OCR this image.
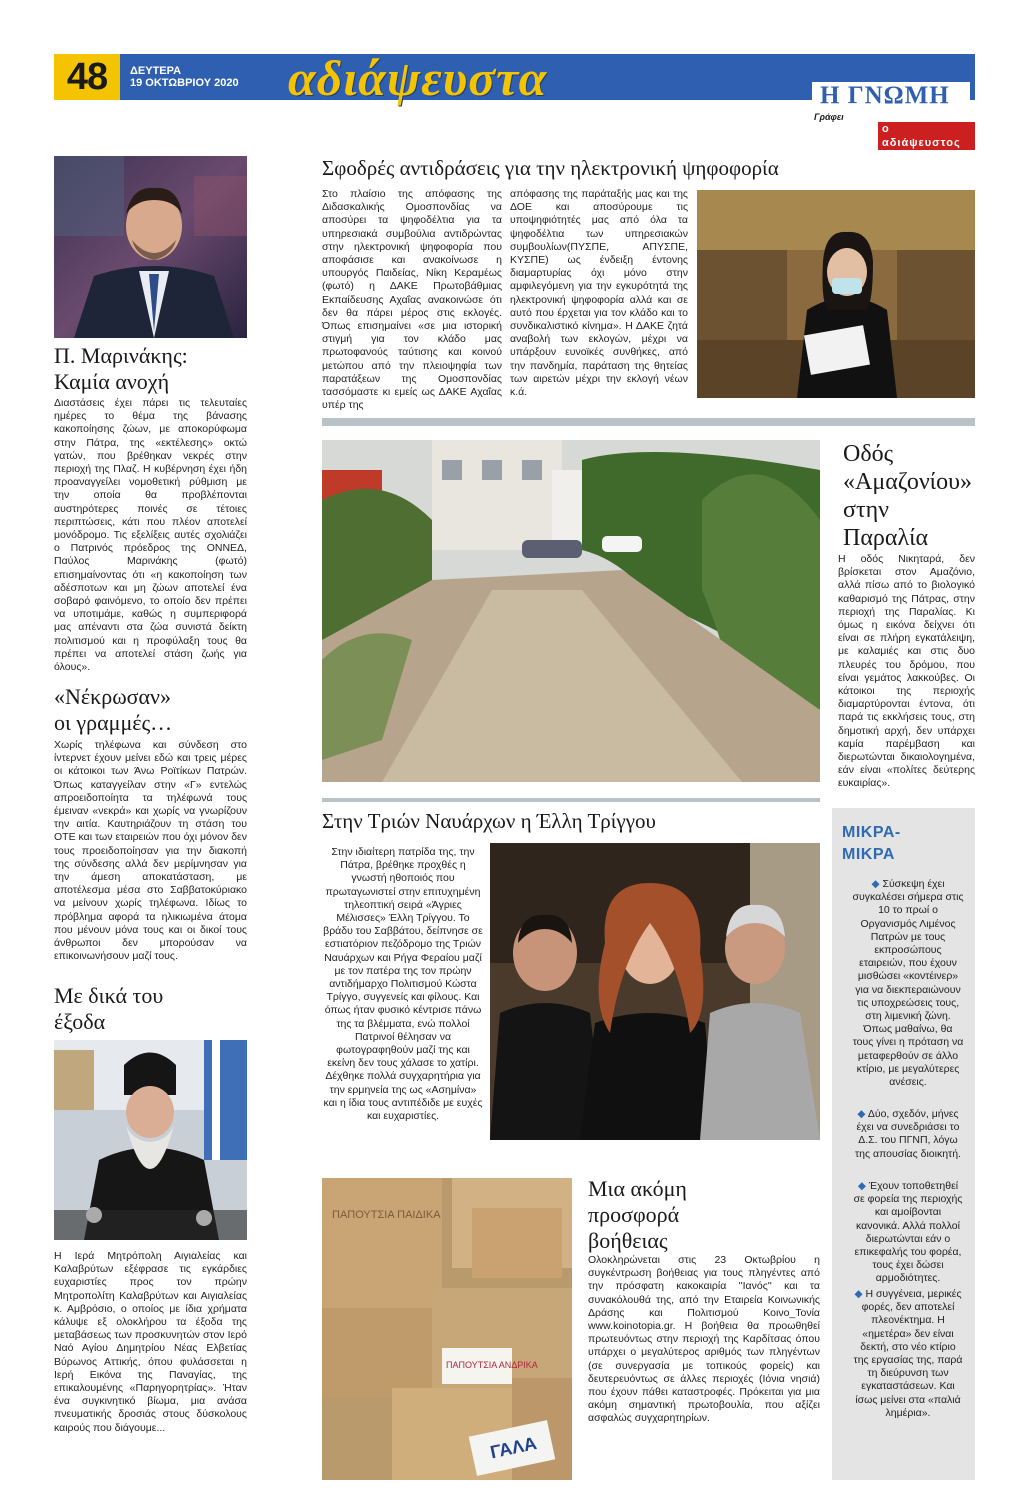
48	ΔΕΥΤΕΡΑ
19 ΟΚΤΩΒΡΙΟΥ 2020 αδιάψευστα	Η ΓΝΩΜΗ
Γράφει
ο αδιάψευστος
Π. Μαρινάκης:
Καμία ανοχή
Διαστάσεις έχει πάρει τις τελευταίες ημέρες το θέμα της βάνασης κακοποίησης ζώων, με αποκορύφωμα στην Πάτρα, της «εκτέλεσης» οκτώ γατών, που βρέθηκαν νεκρές στην περιοχή της Πλαζ. Η κυβέρνηση έχει ήδη προαναγγείλει νομοθετική ρύθμιση με την οποία θα προβλέπονται αυστηρότερες ποινές σε τέτοιες περιπτώσεις, κάτι που πλέον αποτελεί μονόδρομο. Τις εξελίξεις αυτές σχολιάζει ο Πατρινός πρόεδρος της ΟΝΝΕΔ, Παύλος Μαρινάκης (φωτό) επισημαίνοντας ότι «η κακοποίηση των αδέσποτων και μη ζώων αποτελεί ένα σοβαρό φαινόμενο, το οποίο δεν πρέπει να υποτιμάμε, καθώς η συμπεριφορά μας απέναντι στα ζώα συνιστά δείκτη πολιτισμού και η προφύλαξη τους θα πρέπει να αποτελεί στάση ζωής για όλους».
«Νέκρωσαν»
οι γραμμές…
Χωρίς τηλέφωνα και σύνδεση στο ίντερνετ έχουν μείνει εδώ και τρεις μέρες οι κάτοικοι των Άνω Ροϊτίκων Πατρών. Όπως καταγγείλαν στην «Γ» εντελώς απροειδοποίητα τα τηλέφωνά τους έμειναν «νεκρά» και χωρίς να γνωρίζουν την αιτία. Καυτηριάζουν τη στάση του ΟΤΕ και των εταιρειών που όχι μόνον δεν τους προειδοποίησαν για την διακοπή της σύνδεσης αλλά δεν μερίμνησαν για την άμεση αποκατάσταση, με αποτέλεσμα μέσα στο Σαββατοκύριακο να μείνουν χωρίς τηλέφωνα. Ιδίως το πρόβλημα αφορά τα ηλικιωμένα άτομα που μένουν μόνα τους και οι δικοί τους άνθρωποι δεν μπορούσαν να επικοινωνήσουν μαζί τους.
Με δικά του
έξοδα
Η Ιερά Μητρόπολη Αιγιαλείας και Καλαβρύτων εξέφρασε τις εγκάρδιες ευχαριστίες προς τον πρώην Μητροπολίτη Καλαβρύτων και Αιγιαλείας κ. Αμβρόσιο, ο οποίος με ίδια χρήματα κάλυψε εξ ολοκλήρου τα έξοδα της μεταβάσεως των προσκυνητών στον Ιερό Ναό Αγίου Δημητρίου Νέας Ελβετίας Βύρωνος Αττικής, όπου φυλάσσεται η Ιερή Εικόνα της Παναγίας, της επικαλουμένης «Παρηγορητρίας». Ήταν ένα συγκινητικό βίωμα, μια ανάσα πνευματικής δροσιάς στους δύσκολους καιρούς που διάγουμε...
Σφοδρές αντιδράσεις για την ηλεκτρονική ψηφοφορία
Στο πλαίσιο της απόφασης της Διδασκαλικής Ομοσπονδίας να αποσύρει τα ψηφοδέλτια για τα υπηρεσιακά συμβούλια αντιδρώντας στην ηλεκτρονική ψηφοφορία που αποφάσισε και ανακοίνωσε η υπουργός Παιδείας, Νίκη Κεραμέως (φωτό) η ΔΑΚΕ Πρωτοβάθμιας Εκπαίδευσης Αχαΐας ανακοινώσε ότι δεν θα πάρει μέρος στις εκλογές. Όπως επισημαίνει «σε μια ιστορική στιγμή για τον κλάδο μας πρωτοφανούς ταύτισης και κοινού μετώπου από την πλειοψηφία των παρατάξεων της Ομοσπονδίας τασσόμαστε κι εμείς ως ΔΑΚΕ Αχαΐας υπέρ της
απόφασης της παράταξής μας και της ΔΟΕ και αποσύρουμε τις υποψηφιότητές μας από όλα τα ψηφοδέλτια των υπηρεσιακών συμβουλίων(ΠΥΣΠΕ, ΑΠΥΣΠΕ, ΚΥΣΠΕ) ως ένδειξη έντονης διαμαρτυρίας όχι μόνο στην αμφιλεγόμενη για την εγκυρότητά της ηλεκτρονική ψηφοφορία αλλά και σε αυτό που έρχεται για τον κλάδο και το συνδικαλιστικό κίνημα». Η ΔΑΚΕ ζητά αναβολή των εκλογών, μέχρι να υπάρξουν ευνοϊκές συνθήκες, από την πανδημία, παράταση της θητείας των αιρετών μέχρι την εκλογή νέων κ.ά.
Οδός
«Αμαζονίου»
στην
Παραλία
Η οδός Νικηταρά, δεν βρίσκεται στον Αμαζόνιο, αλλά πίσω από το βιολογικό καθαρισμό της Πάτρας, στην περιοχή της Παραλίας. Κι όμως η εικόνα δείχνει ότι είναι σε πλήρη εγκατάλειψη, με καλαμιές και στις δυο πλευρές του δρόμου, που είναι γεμάτος λακκούβες. Οι κάτοικοι της περιοχής διαμαρτύρονται έντονα, ότι παρά τις εκκλήσεις τους, στη δημοτική αρχή, δεν υπάρχει καμία παρέμβαση και διερωτώνται δικαιολογημένα, εάν είναι «πολίτες δεύτερης ευκαιρίας».
Στην Τριών Ναυάρχων η Έλλη Τρίγγου
Στην ιδιαίτερη πατρίδα της, την Πάτρα, βρέθηκε προχθές η γνωστή ηθοποιός που πρωταγωνιστεί στην επιτυχημένη τηλεοπτική σειρά «Άγριες Μέλισσες» Έλλη Τρίγγου. Το βράδυ του Σαββάτου, δείπνησε σε εστιατόριον πεζόδρομο της Τριών Ναυάρχων και Ρήγα Φεραίου μαζί με τον πατέρα της τον πρώην αντιδήμαρχο Πολιτισμού Κώστα Τρίγγο, συγγενείς και φίλους. Και όπως ήταν φυσικό κέντρισε πάνω της τα βλέμματα, ενώ πολλοί Πατρινοί θέλησαν να φωτογραφηθούν μαζί της και εκείνη δεν τους χάλασε το χατίρι. Δέχθηκε πολλά συγχαρητήρια για την ερμηνεία της ως «Ασημίνα» και η ίδια τους αντιπέδιδε με ευχές και ευχαριστίες.
ΠΑΠΟΥΤΣΙΑ ΠΑΙΔΙΚΑ
ΠΑΠΟΥΤΣΙΑ ΑΝΔΡΙΚΑ
ΓΑΛΑ
Μια ακόμη
προσφορά
βοήθειας
Ολοκληρώνεται στις 23 Οκτωβρίου η συγκέντρωση βοήθειας για τους πληγέντες από την πρόσφατη κακοκαιρία ''Ιανός'' και τα συνακόλουθά της, από την Εταιρεία Κοινωνικής Δράσης και Πολιτισμού Κοινο_Τονία www.koinotopia.gr. Η βοήθεια θα προωθηθεί πρωτευόντως στην περιοχή της Καρδίτσας όπου υπάρχει ο μεγαλύτερος αριθμός των πληγέντων (σε συνεργασία με τοπικούς φορείς) και δευτερευόντως σε άλλες περιοχές (Ιόνια νησιά) που έχουν πάθει καταστροφές. Πρόκειται για μια ακόμη σημαντική πρωτοβουλία, που αξίζει ασφαλώς συγχαρητηρίων.
ΜΙΚΡΑ-
ΜΙΚΡΑ
◆ Σύσκεψη έχει συγκαλέσει σήμερα στις 10 το πρωί ο Οργανισμός Λιμένος Πατρών με τους εκπροσώπους εταιρειών, που έχουν μισθώσει «κοντέινερ» για να διεκπεραιώνουν τις υποχρεώσεις τους, στη λιμενική ζώνη. Όπως μαθαίνω, θα τους γίνει η πρόταση να μεταφερθούν σε άλλο κτίριο, με μεγαλύτερες ανέσεις.
◆ Δύο, σχεδόν, μήνες έχει να συνεδριάσει το Δ.Σ. του ΠΓΝΠ, λόγω της απουσίας διοικητή.
◆ Έχουν τοποθετηθεί σε φορεία της περιοχής και αμοίβονται κανονικά. Αλλά πολλοί διερωτώνται εάν ο επικεφαλής του φορέα, τους έχει δώσει αρμοδιότητες.
◆ Η συγγένεια, μερικές φορές, δεν αποτελεί πλεονέκτημα. Η «ημετέρα» δεν είναι δεκτή, στο νέο κτίριο της εργασίας της, παρά τη διεύρυνση των εγκαταστάσεων. Και ίσως μείνει στα «παλιά λημέρια».
